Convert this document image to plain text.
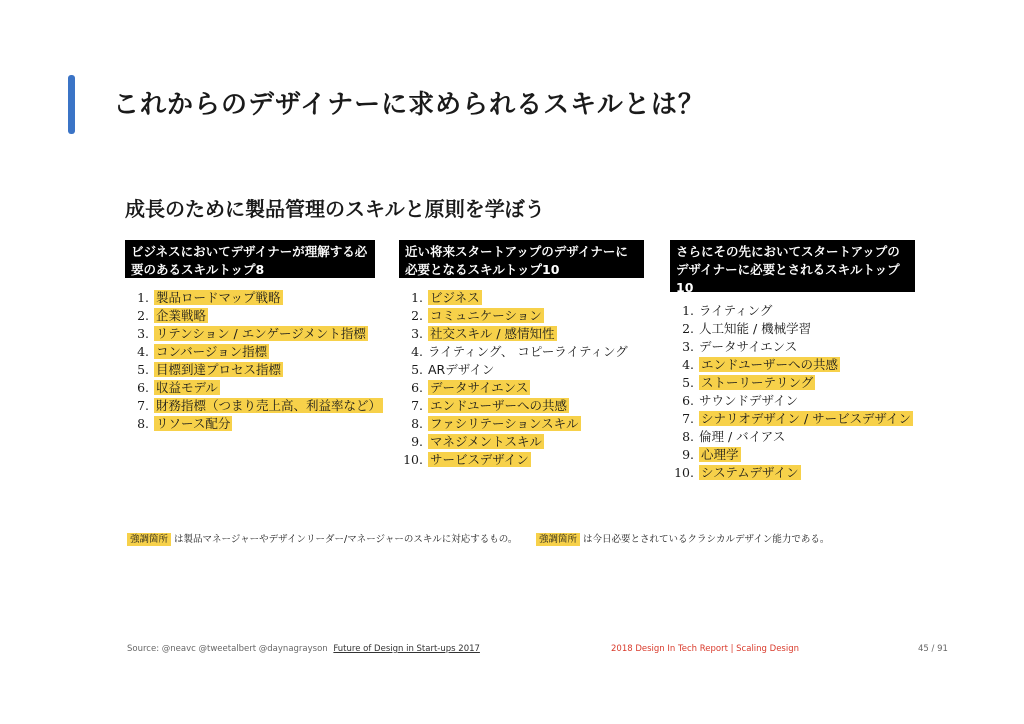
これからのデザイナーに求められるスキルとは？
成長のために製品管理のスキルと原則を学ぼう
ビジネスにおいてデザイナーが理解する必要のあるスキルトップ8
1. 製品ロードマップ戦略
2. 企業戦略
3. リテンション / エンゲージメント指標
4. コンバージョン指標
5. 目標到達プロセス指標
6. 収益モデル
7. 財務指標（つまり売上高、利益率など）
8. リソース配分
近い将来スタートアップのデザイナーに必要となるスキルトップ10
1. ビジネス
2. コミュニケーション
3. 社交スキル / 感情知性
4. ライティング、 コピーライティング
5. ARデザイン
6. データサイエンス
7. エンドユーザーへの共感
8. ファシリテーションスキル
9. マネジメントスキル
10. サービスデザイン
さらにその先においてスタートアップのデザイナーに必要とされるスキルトップ10
1. ライティング
2. 人工知能 / 機械学習
3. データサイエンス
4. エンドユーザーへの共感
5. ストーリーテリング
6. サウンドデザイン
7. シナリオデザイン / サービスデザイン
8. 倫理 / バイアス
9. 心理学
10. システムデザイン
強調箇所 は製品マネージャーやデザインリーダー/マネージャーのスキルに対応するもの。	強調箇所 は今日必要とされているクラシカルデザイン能力である。
Source: @neavc @tweetalbert @daynagrayson Future of Design in Start-ups 2017	2018 Design In Tech Report | Scaling Design	45 / 91
